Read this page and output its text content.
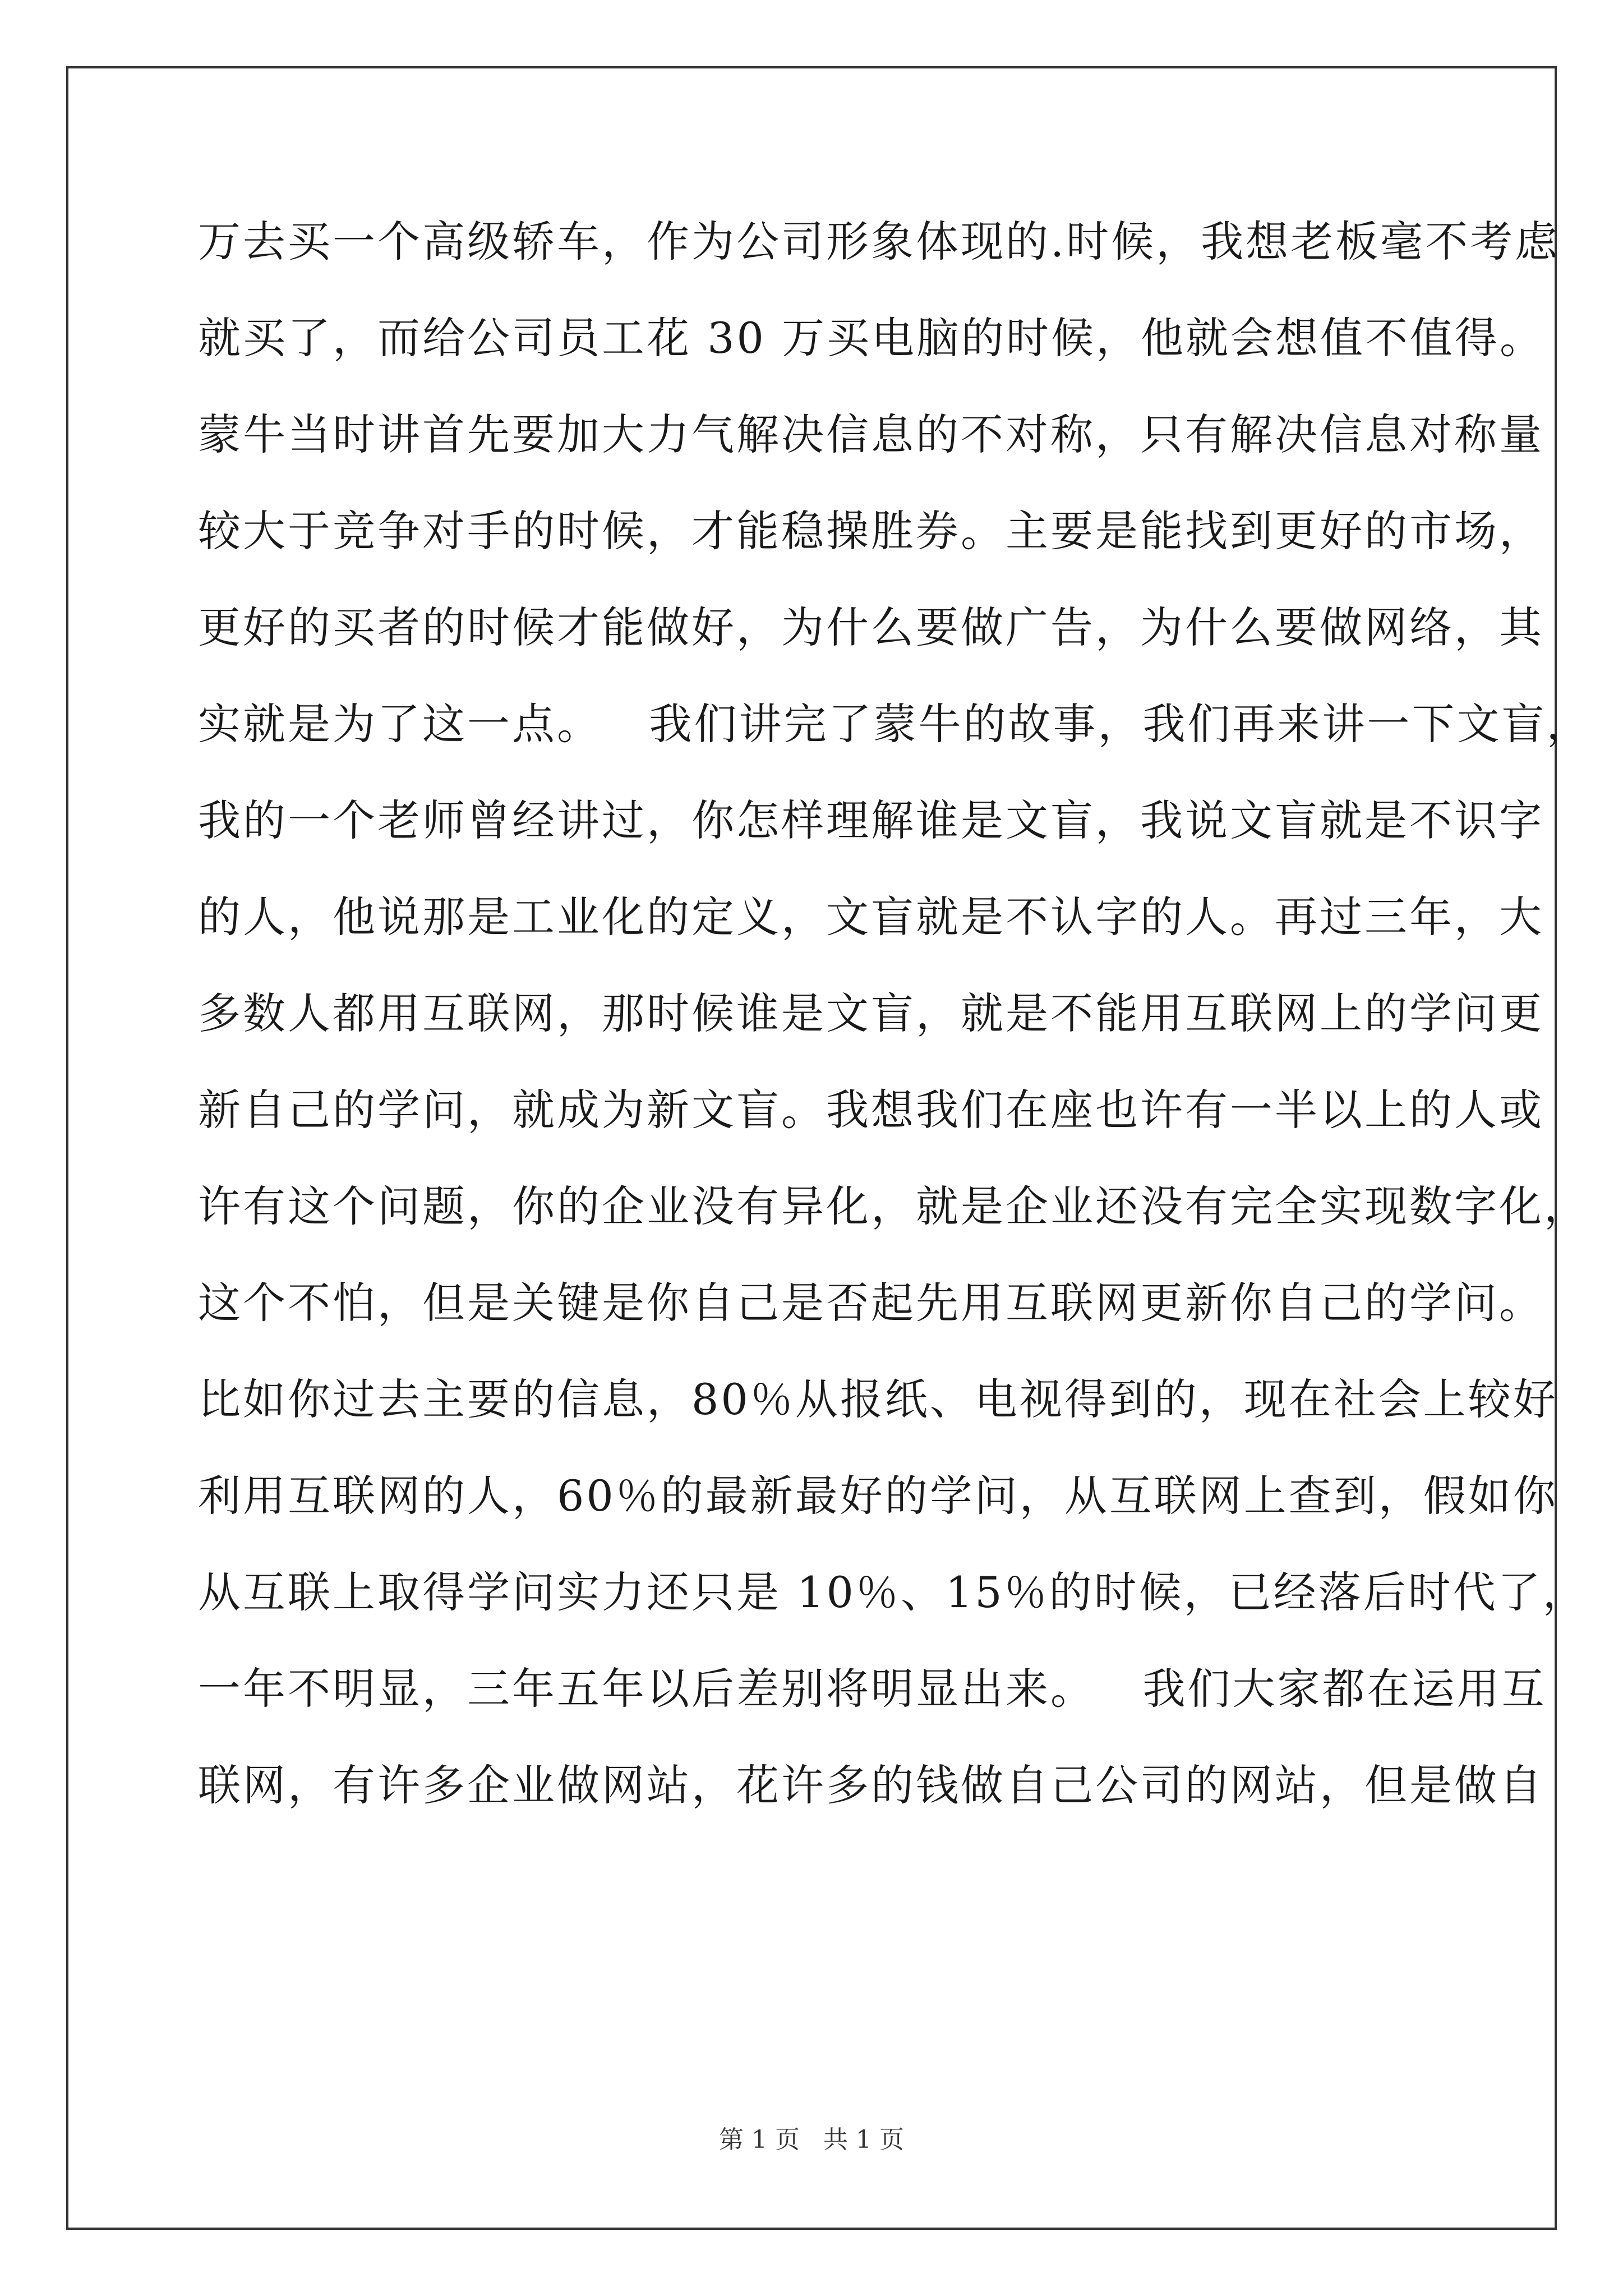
万去买一个高级轿车，作为公司形象体现的.时候，我想老板毫不考虑
就买了，而给公司员工花 30 万买电脑的时候，他就会想值不值得。
蒙牛当时讲首先要加大力气解决信息的不对称，只有解决信息对称量
较大于竞争对手的时候，才能稳操胜券。主要是能找到更好的市场，
更好的买者的时候才能做好，为什么要做广告，为什么要做网络，其
实就是为了这一点。   我们讲完了蒙牛的故事，我们再来讲一下文盲，
我的一个老师曾经讲过，你怎样理解谁是文盲，我说文盲就是不识字
的人，他说那是工业化的定义，文盲就是不认字的人。再过三年，大
多数人都用互联网，那时候谁是文盲，就是不能用互联网上的学问更
新自己的学问，就成为新文盲。我想我们在座也许有一半以上的人或
许有这个问题，你的企业没有异化，就是企业还没有完全实现数字化，
这个不怕，但是关键是你自己是否起先用互联网更新你自己的学问。
比如你过去主要的信息，80％从报纸、电视得到的，现在社会上较好
利用互联网的人，60％的最新最好的学问，从互联网上查到，假如你
从互联上取得学问实力还只是 10％、15％的时候，已经落后时代了，
一年不明显，三年五年以后差别将明显出来。   我们大家都在运用互
联网，有许多企业做网站，花许多的钱做自己公司的网站，但是做自
第 1 页   共 1 页
